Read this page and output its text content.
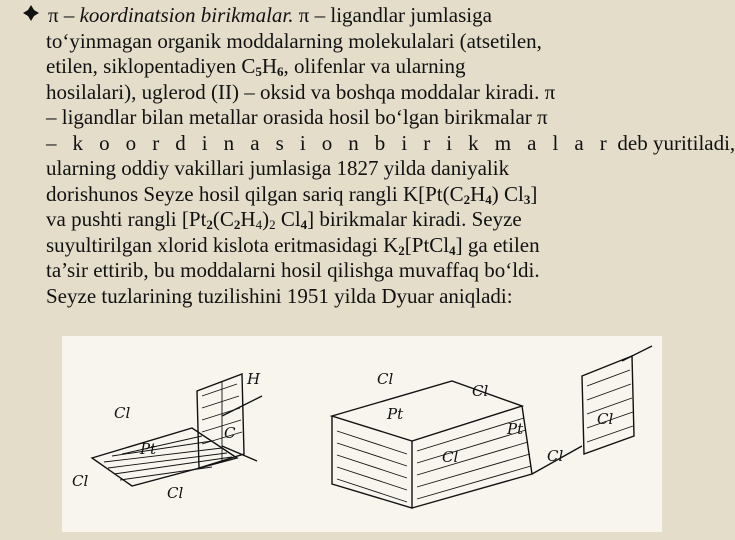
π – koordinatsion birikmalar. π – ligandlar jumlasiga
to‘yinmagan organik moddalarning molekulalari (atsetilen,
etilen, siklopentadiyen $C_5H_6$, olifenlar va ularning
hosilalari), uglerod (II) – oksid va boshqa moddalar kiradi. π
– ligandlar bilan metallar orasida hosil bo‘lgan birikmalar π
– k o o r d i n a s i o n b i r i k m a l a r deb yuritiladi,
ularning oddiy vakillari jumlasiga 1827 yilda daniyalik
dorishunos Seyze hosil qilgan sariq rangli $K[Pt(C_2H_4)$ $Cl_3$]
va pushti rangli [$Pt_2(C_2H_4)_2$ $Cl_4$] birikmalar kiradi. Seyze
suyultirilgan xlorid kislota eritmasidagi $K_2[PtCl_4]$ ga etilen
ta’sir ettirib, bu moddalarni hosil qilishga muvaffaq bo‘ldi.
Seyze tuzlarining tuzilishini 1951 yilda Dyuar aniqladi:
Cl
Cl
Cl
Pt
H
C
Cl
Cl
Pt
Pt
Cl	Cl
Cl
